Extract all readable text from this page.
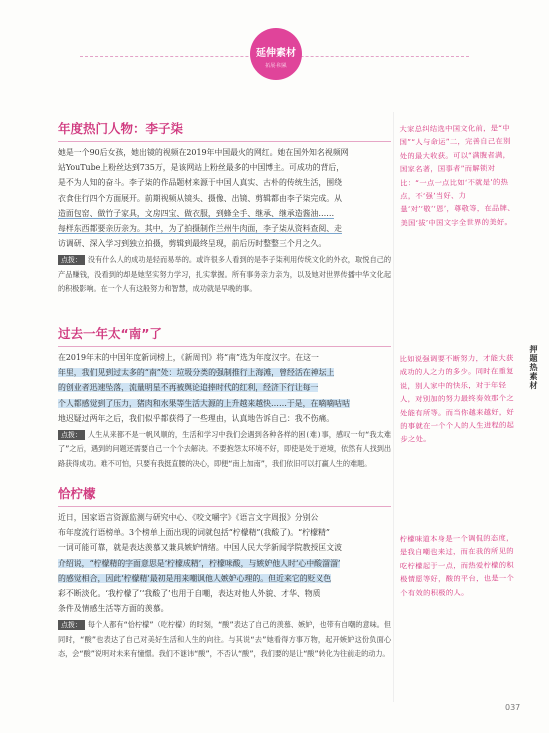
延伸素材
拓展·积累
年度热门人物：李子柒

她是一个90后女孩，她出镜的视频在2019年中国最火的网红。她在国外知名视频网
站YouTube上粉丝达到735万，是该网站上粉丝最多的中国博主。可成功的背后，
是不为人知的奋斗。李子柒的作品题材来源于中国人真实、古朴的传统生活，围绕
衣食住行四个方面展开。前期视频从镜头、摄像、出镜、剪辑都由李子柒完成。从
造面包窑、做竹子家具，文房四宝、做衣服，到蜂全手、继承、继承造酱油……
每样东西都要亲历亲为。其中，为了拍摄制作兰州牛肉面，李子柒从资料查阅、走
访调研、深入学习到独立拍摄，剪辑到最终呈现，前后历时整整三个月之久。

点拨： 没有什么人的成功是轻而易举的。或许很多人看到的是李子柒利用传统文化的外衣，取悦自己的产品赚钱，没看到的却是她坚实努力学习，扎实掌握。所有事务亲力亲为，以及她对世界传播中华文化起的积极影响。在一个人有这般努力和智慧，成功就是早晚的事。

过去一年太“南”了

在2019年末的中国年度新词榜上，《新周刊》将“南”选为年度汉字。在这一
年里，我们见到过太多的“南”处：垃圾分类的强制推行上海滩，曾经活在神坛上
的创业者迅速坠落，流量明星不再被舆论追捧时代的红利，经济下行让每一
个人都感觉到了压力，猪肉和水果等生活大源的上升越来越快……于是，在嘀嘀咕咕
地迟疑过两年之后，我们似乎都获得了一些理由，认真地告诉自己：我不伤痛。

点拨： 人生从来都不是一帆风顺的，生活和学习中我们会遇到各种各样的困(难)事，感叹一句“我太难了”之后，遇到的问题还需要自己一个个去解决。不要抱怨太环境不好，即使是处于逆境，依然有人找到出路获得成功。难不可怕，只要有我挺直腰的决心，即便“南上加南”，我们依旧可以打赢人生的难题。

恰柠檬

近日，国家语言资源监测与研究中心、《咬文嚼字》《语言文字周报》分别公
布年度流行语榜单。3个榜单上面出现的词就包括“柠檬精”(我酸了)。“柠檬精”
一词可能可靠，就是表达羡慕又兼具嫉妒情绪。中国人民大学新闻学院教授匡文波
介绍说，“柠檬精的字面意思是‘柠檬成精’，柠檬味酸，与嫉妒他人时‘心中酸溜溜’
的感觉相合，因此‘柠檬精’最初是用来嘲讽他人嫉妒心理的。但近来它的贬义色
彩不断淡化。‘我柠檬了’‘我酸了’也用于自嘲，表达对他人外貌、才华、物质
条件及情感生活等方面的羡慕。

点拨： 每个人都有“恰柠檬”（吃柠檬）的时刻，“酸”表达了自己的羡慕、嫉妒，也带有自嘲的意味。但同时，“酸”也表达了自己对美好生活和人生的向往。与其说“去”她看得方事万物，起开嫉妒这份负面心态，会“酸”说明对未来有憧憬。我们不谜讳“酸”，不否认“酸”，我们要的是让“酸”转化为往前走的动力。

大家总纠结选中国文化前，是“中国”“人与命运”二，完善自己在别处的最大收获。可以“满腹者满，国家名著，国事者”而解锁对比：“一点一点比如‘不就是’的热点，不‘强’当好、力量‘对’‘敬’‘恩’，尊敬等，在品牌、美国‘拔’中国文字全世界的美好。
比如说强调要不断努力，才能大获成功的人之力的多少。同时在重复说，别人家中的快乐，对于年轻人，对别加的努力最终奏效那个之处能有所等。而当你越来越好，好的事就在一个个人的人生进程的起步之处。
柠檬味道本身是一个调侃的态度，是我自嘲也来过，而在我的所见的吃柠檬起于一点，而热爱柠檬的积极情愿等好，酸的平台，也是一个个有效的积极的人。
押题热素材
037
